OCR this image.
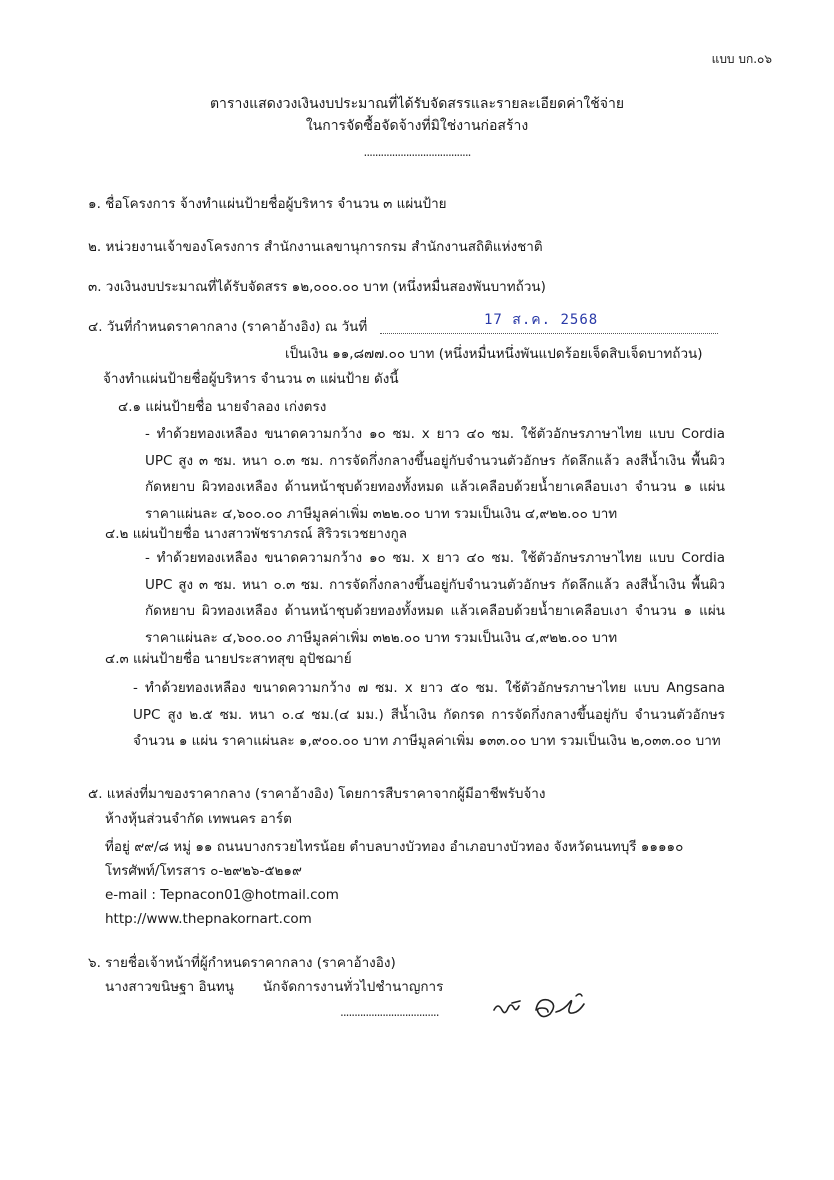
แบบ บก.๐๖
ตารางแสดงวงเงินงบประมาณที่ได้รับจัดสรรและรายละเอียดค่าใช้จ่าย
ในการจัดซื้อจัดจ้างที่มิใช่งานก่อสร้าง
......................................
๑. ชื่อโครงการ จ้างทำแผ่นป้ายชื่อผู้บริหาร จำนวน ๓ แผ่นป้าย
๒. หน่วยงานเจ้าของโครงการ สำนักงานเลขานุการกรม สำนักงานสถิติแห่งชาติ
๓. วงเงินงบประมาณที่ได้รับจัดสรร ๑๒,๐๐๐.๐๐ บาท (หนึ่งหมื่นสองพันบาทถ้วน)
๔. วันที่กำหนดราคากลาง (ราคาอ้างอิง) ณ วันที่	17 ส.ค. 2568
เป็นเงิน ๑๑,๘๗๗.๐๐ บาท (หนึ่งหมื่นหนึ่งพันแปดร้อยเจ็ดสิบเจ็ดบาทถ้วน)
จ้างทำแผ่นป้ายชื่อผู้บริหาร จำนวน ๓ แผ่นป้าย ดังนี้
๔.๑ แผ่นป้ายชื่อ นายจำลอง เก่งตรง
- ทำด้วยทองเหลือง ขนาดความกว้าง ๑๐ ซม. x ยาว ๔๐ ซม. ใช้ตัวอักษรภาษาไทย แบบ Cordia UPC สูง ๓ ซม. หนา ๐.๓ ซม. การจัดกึ่งกลางขึ้นอยู่กับจำนวนตัวอักษร กัดลึกแล้ว ลงสีน้ำเงิน พื้นผิวกัดหยาบ ผิวทองเหลือง ด้านหน้าชุบด้วยทองทั้งหมด แล้วเคลือบด้วยน้ำยาเคลือบเงา จำนวน ๑ แผ่น ราคาแผ่นละ ๔,๖๐๐.๐๐ ภาษีมูลค่าเพิ่ม ๓๒๒.๐๐ บาท รวมเป็นเงิน ๔,๙๒๒.๐๐ บาท
๔.๒ แผ่นป้ายชื่อ นางสาวพัชราภรณ์ สิริวรเวชยางกูล
- ทำด้วยทองเหลือง ขนาดความกว้าง ๑๐ ซม. x ยาว ๔๐ ซม. ใช้ตัวอักษรภาษาไทย แบบ Cordia UPC สูง ๓ ซม. หนา ๐.๓ ซม. การจัดกึ่งกลางขึ้นอยู่กับจำนวนตัวอักษร กัดลึกแล้ว ลงสีน้ำเงิน พื้นผิวกัดหยาบ ผิวทองเหลือง ด้านหน้าชุบด้วยทองทั้งหมด แล้วเคลือบด้วยน้ำยาเคลือบเงา จำนวน ๑ แผ่น ราคาแผ่นละ ๔,๖๐๐.๐๐ ภาษีมูลค่าเพิ่ม ๓๒๒.๐๐ บาท รวมเป็นเงิน ๔,๙๒๒.๐๐ บาท
๔.๓ แผ่นป้ายชื่อ นายประสาทสุข อุปัชฌาย์
- ทำด้วยทองเหลือง ขนาดความกว้าง ๗ ซม. x ยาว ๕๐ ซม. ใช้ตัวอักษรภาษาไทย แบบ Angsana UPC สูง ๒.๕ ซม. หนา ๐.๔ ซม.(๔ มม.) สีน้ำเงิน กัดกรด การจัดกึ่งกลางขึ้นอยู่กับ จำนวนตัวอักษร จำนวน ๑ แผ่น ราคาแผ่นละ ๑,๙๐๐.๐๐ บาท ภาษีมูลค่าเพิ่ม ๑๓๓.๐๐ บาท รวมเป็นเงิน ๒,๐๓๓.๐๐ บาท
๕. แหล่งที่มาของราคากลาง (ราคาอ้างอิง) โดยการสืบราคาจากผู้มีอาชีพรับจ้าง
ห้างหุ้นส่วนจำกัด เทพนคร อาร์ต
ที่อยู่ ๙๙/๘ หมู่ ๑๑ ถนนบางกรวยไทรน้อย ตำบลบางบัวทอง อำเภอบางบัวทอง จังหวัดนนทบุรี ๑๑๑๑๐
โทรศัพท์/โทรสาร ๐-๒๙๒๖-๕๒๑๙
e-mail : Tepnacon01@hotmail.com
http://www.thepnakornart.com
๖. รายชื่อเจ้าหน้าที่ผู้กำหนดราคากลาง (ราคาอ้างอิง)
นางสาวขนิษฐา อินทนู นักจัดการงานทั่วไปชำนาญการ
...................................
